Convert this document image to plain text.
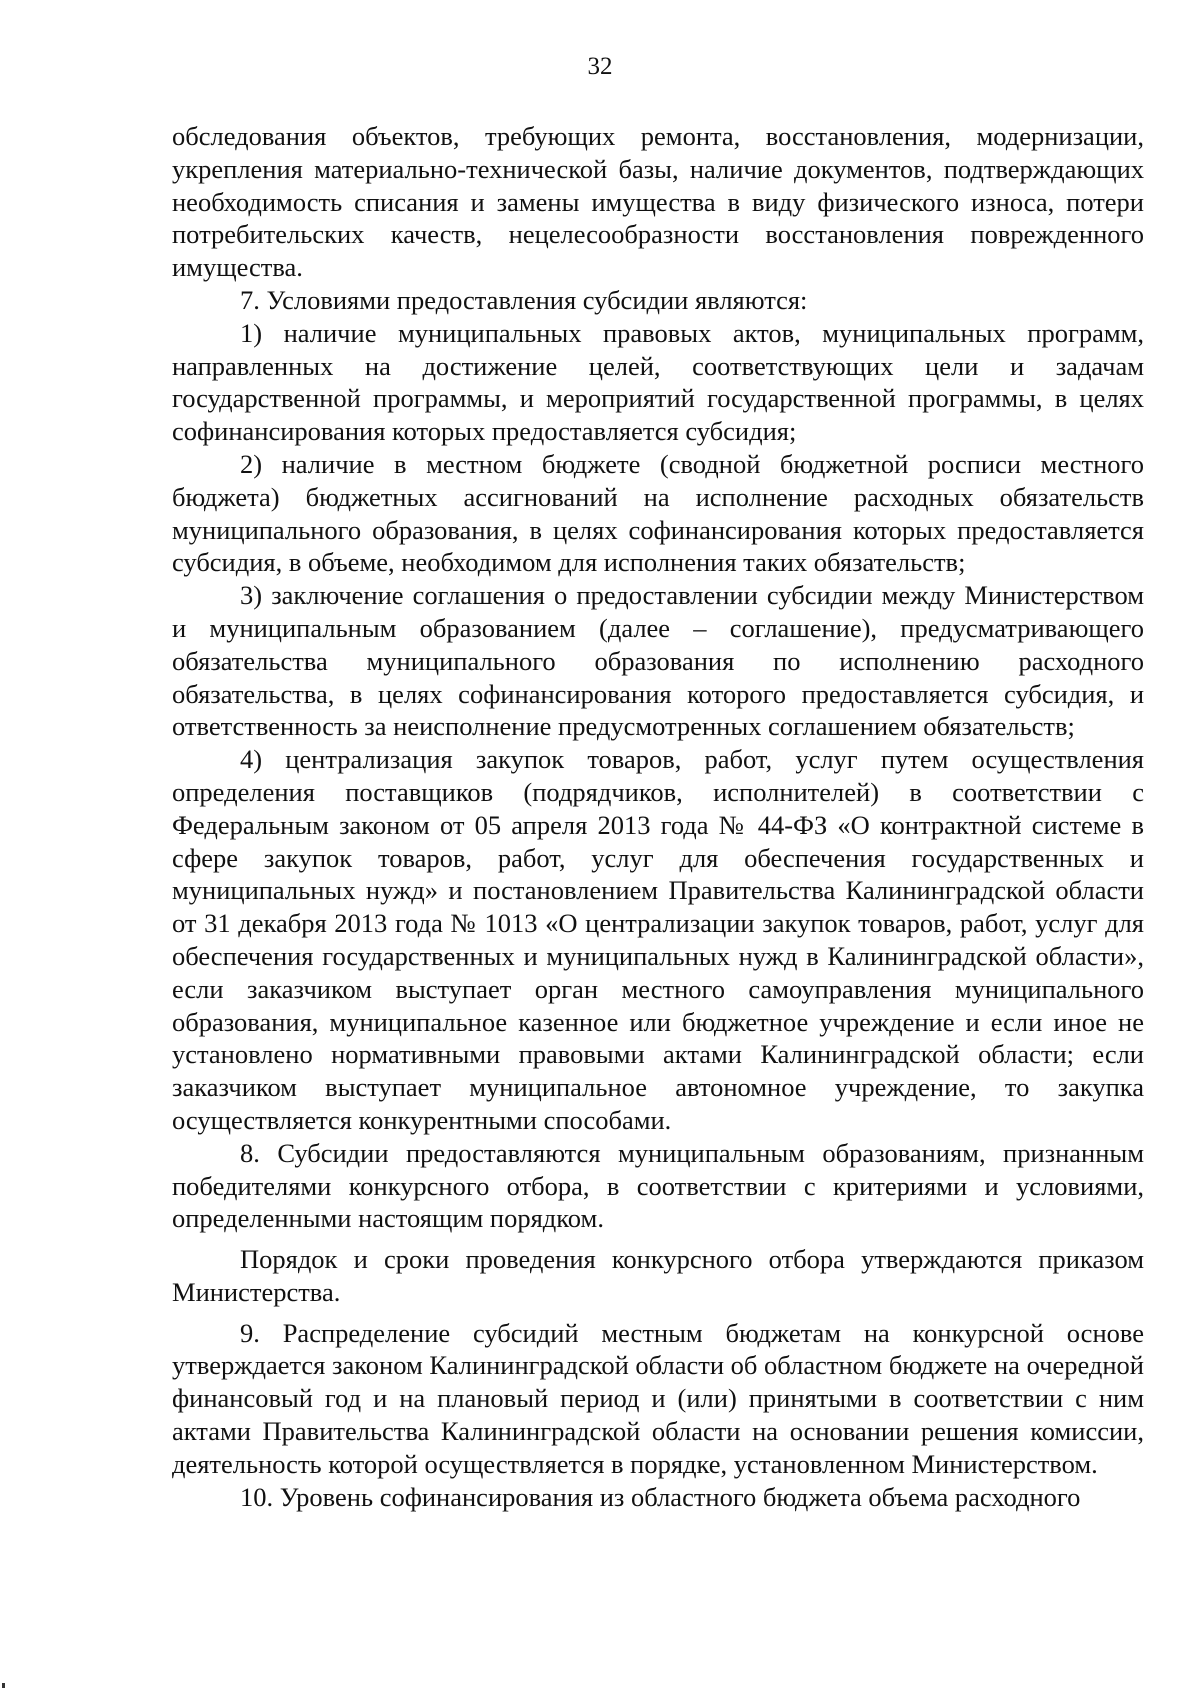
32

обследования объектов, требующих ремонта, восстановления, модернизации, укрепления материально-технической базы, наличие документов, подтверждающих необходимость списания и замены имущества в виду физического износа, потери потребительских качеств, нецелесообразности восстановления поврежденного имущества.

7. Условиями предоставления субсидии являются:

1) наличие муниципальных правовых актов, муниципальных программ, направленных на достижение целей, соответствующих цели и задачам государственной программы, и мероприятий государственной программы, в целях софинансирования которых предоставляется субсидия;

2) наличие в местном бюджете (сводной бюджетной росписи местного бюджета) бюджетных ассигнований на исполнение расходных обязательств муниципального образования, в целях софинансирования которых предоставляется субсидия, в объеме, необходимом для исполнения таких обязательств;

3) заключение соглашения о предоставлении субсидии между Министерством и муниципальным образованием (далее – соглашение), предусматривающего обязательства муниципального образования по исполнению расходного обязательства, в целях софинансирования которого предоставляется субсидия, и ответственность за неисполнение предусмотренных соглашением обязательств;

4) централизация закупок товаров, работ, услуг путем осуществления определения поставщиков (подрядчиков, исполнителей) в соответствии с Федеральным законом от 05 апреля 2013 года № 44-ФЗ «О контрактной системе в сфере закупок товаров, работ, услуг для обеспечения государственных и муниципальных нужд» и постановлением Правительства Калининградской области от 31 декабря 2013 года № 1013 «О централизации закупок товаров, работ, услуг для обеспечения государственных и муниципальных нужд в Калининградской области», если заказчиком выступает орган местного самоуправления муниципального образования, муниципальное казенное или бюджетное учреждение и если иное не установлено нормативными правовыми актами Калининградской области; если заказчиком выступает муниципальное автономное учреждение, то закупка осуществляется конкурентными способами.

8. Субсидии предоставляются муниципальным образованиям, признанным победителями конкурсного отбора, в соответствии с критериями и условиями, определенными настоящим порядком.

Порядок и сроки проведения конкурсного отбора утверждаются приказом Министерства.

9. Распределение субсидий местным бюджетам на конкурсной основе утверждается законом Калининградской области об областном бюджете на очередной финансовый год и на плановый период и (или) принятыми в соответствии с ним актами Правительства Калининградской области на основании решения комиссии, деятельность которой осуществляется в порядке, установленном Министерством.

10. Уровень софинансирования из областного бюджета объема расходного
